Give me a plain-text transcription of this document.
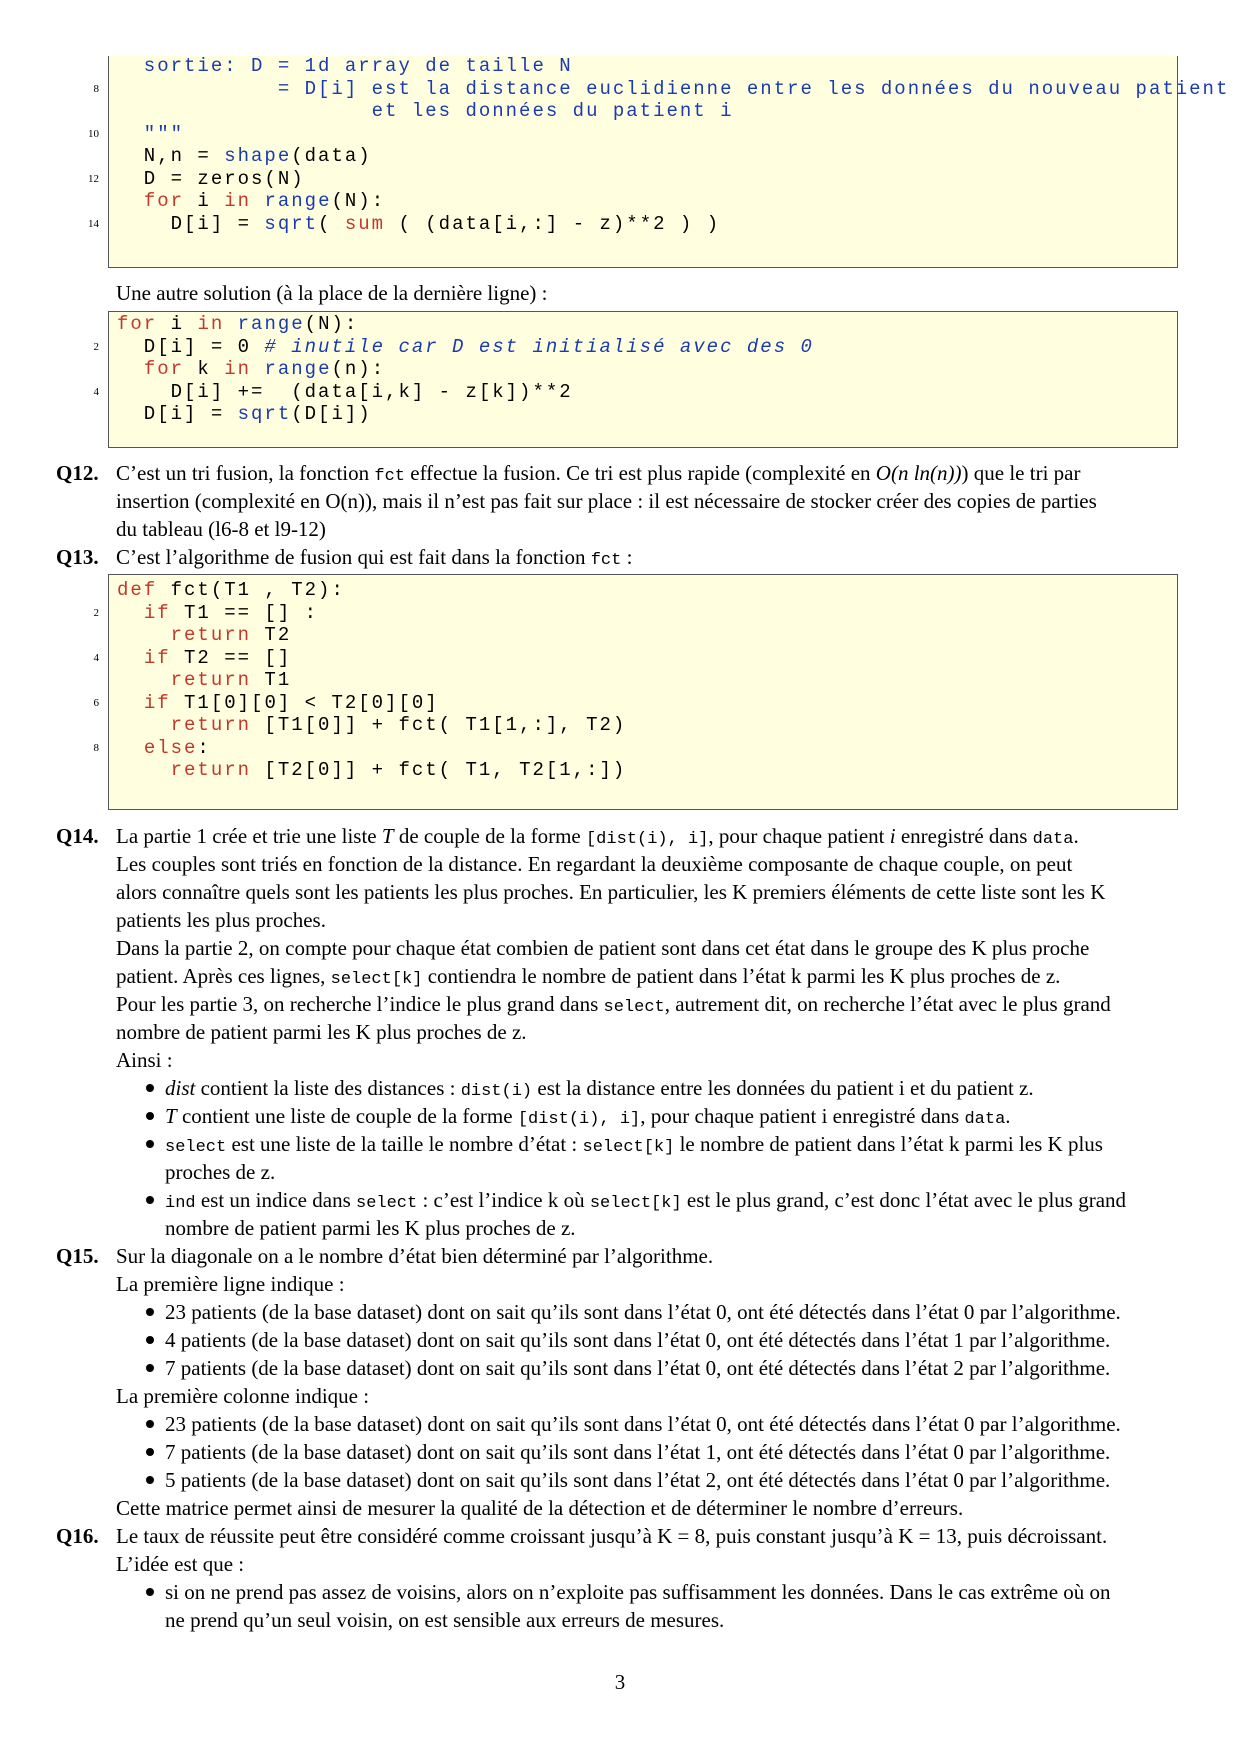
sortie: D = 1d array de taille N
= D[i] est la distance euclidienne entre les données du nouveau patient
8
et les données du patient i
"""
10
N,n = shape(data)
D = zeros(N)
12
for i in range(N):
D[i] = sqrt( sum ( (data[i,:] - z)**2 ) )
14
Une autre solution (à la place de la dernière ligne) :
for i in range(N):
D[i] = 0 # inutile car D est initialisé avec des 0
2
for k in range(n):
D[i] +=  (data[i,k] - z[k])**2
4
D[i] = sqrt(D[i])
Q12. C’est un tri fusion, la fonction fct effectue la fusion. Ce tri est plus rapide (complexité en O(n ln(n))) que le tri par
insertion (complexité en O(n)), mais il n’est pas fait sur place : il est nécessaire de stocker créer des copies de parties
du tableau (l6-8 et l9-12)
Q13. C’est l’algorithme de fusion qui est fait dans la fonction fct :
def fct(T1 , T2):
if T1 == [] :
2
return T2
if T2 == []
4
return T1
if T1[0][0] < T2[0][0]
6
return [T1[0]] + fct( T1[1,:], T2)
else:
8
return [T2[0]] + fct( T1, T2[1,:])
Q14. La partie 1 crée et trie une liste T de couple de la forme [dist(i), i], pour chaque patient i enregistré dans data.
Les couples sont triés en fonction de la distance. En regardant la deuxième composante de chaque couple, on peut
alors connaître quels sont les patients les plus proches. En particulier, les K premiers éléments de cette liste sont les K
patients les plus proches.
Dans la partie 2, on compte pour chaque état combien de patient sont dans cet état dans le groupe des K plus proche
patient. Après ces lignes, select[k] contiendra le nombre de patient dans l’état k parmi les K plus proches de z.
Pour les partie 3, on recherche l’indice le plus grand dans select, autrement dit, on recherche l’état avec le plus grand
nombre de patient parmi les K plus proches de z.
Ainsi :
dist contient la liste des distances : dist(i) est la distance entre les données du patient i et du patient z.
T contient une liste de couple de la forme [dist(i), i], pour chaque patient i enregistré dans data.
select est une liste de la taille le nombre d’état : select[k] le nombre de patient dans l’état k parmi les K plus
proches de z.
ind est un indice dans select : c’est l’indice k où select[k] est le plus grand, c’est donc l’état avec le plus grand
nombre de patient parmi les K plus proches de z.
Q15. Sur la diagonale on a le nombre d’état bien déterminé par l’algorithme.
La première ligne indique :
23 patients (de la base dataset) dont on sait qu’ils sont dans l’état 0, ont été détectés dans l’état 0 par l’algorithme.
4 patients (de la base dataset) dont on sait qu’ils sont dans l’état 0, ont été détectés dans l’état 1 par l’algorithme.
7 patients (de la base dataset) dont on sait qu’ils sont dans l’état 0, ont été détectés dans l’état 2 par l’algorithme.
La première colonne indique :
23 patients (de la base dataset) dont on sait qu’ils sont dans l’état 0, ont été détectés dans l’état 0 par l’algorithme.
7 patients (de la base dataset) dont on sait qu’ils sont dans l’état 1, ont été détectés dans l’état 0 par l’algorithme.
5 patients (de la base dataset) dont on sait qu’ils sont dans l’état 2, ont été détectés dans l’état 0 par l’algorithme.
Cette matrice permet ainsi de mesurer la qualité de la détection et de déterminer le nombre d’erreurs.
Q16. Le taux de réussite peut être considéré comme croissant jusqu’à K = 8, puis constant jusqu’à K = 13, puis décroissant.
L’idée est que :
si on ne prend pas assez de voisins, alors on n’exploite pas suffisamment les données. Dans le cas extrême où on
ne prend qu’un seul voisin, on est sensible aux erreurs de mesures.
3
